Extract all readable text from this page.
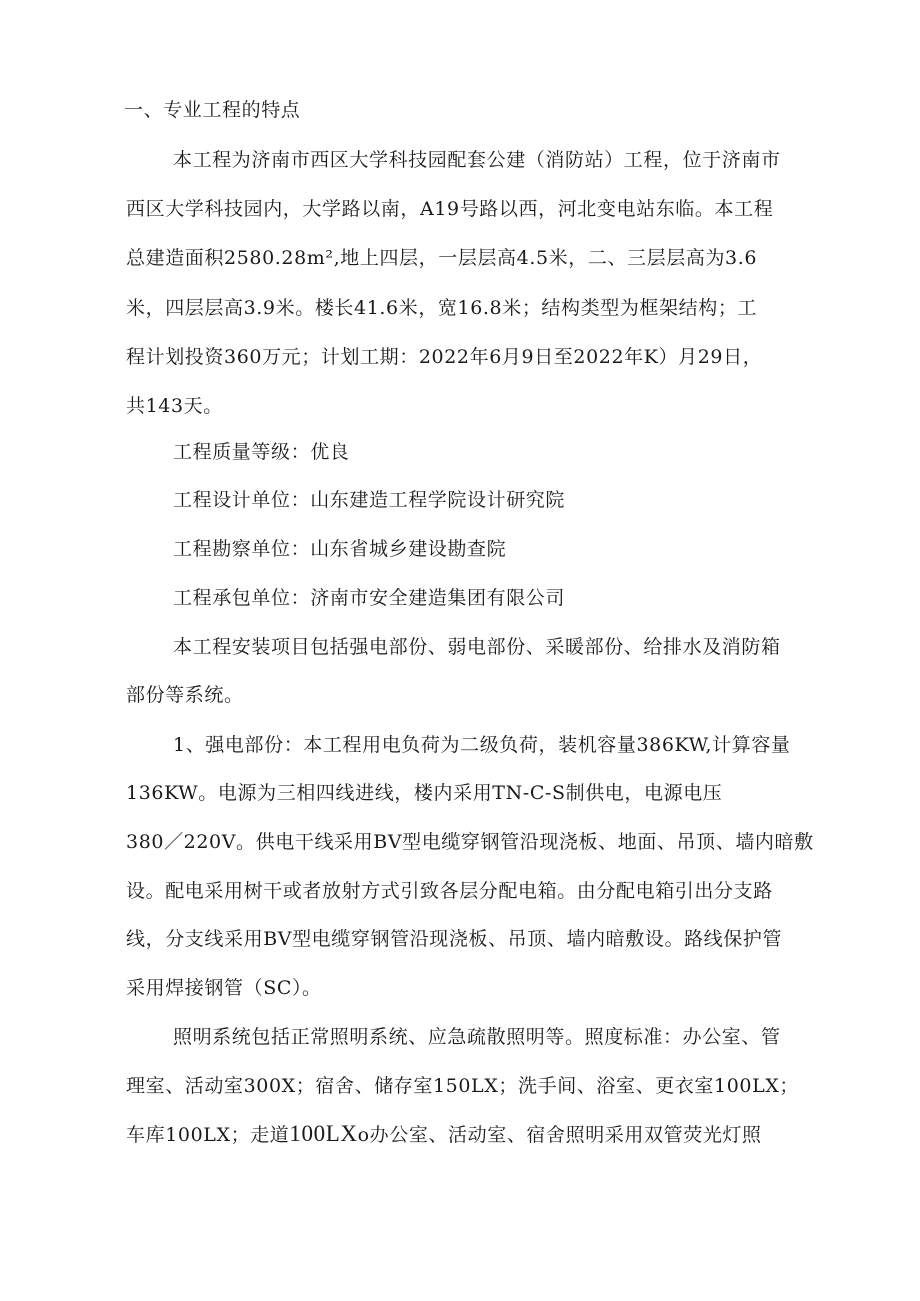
一、专业工程的特点
本工程为济南市西区大学科技园配套公建（消防站）工程，位于济南市
西区大学科技园内，大学路以南，A19号路以西，河北变电站东临。本工程
总建造面积2580.28m²,地上四层，一层层高4.5米，二、三层层高为3.6
米，四层层高3.9米。楼长41.6米，宽16.8米；结构类型为框架结构；工
程计划投资360万元；计划工期：2022年6月9日至2022年K）月29日，
共143天。
工程质量等级：优良
工程设计单位：山东建造工程学院设计研究院
工程勘察单位：山东省城乡建设勘查院
工程承包单位：济南市安全建造集团有限公司
本工程安装项目包括强电部份、弱电部份、采暖部份、给排水及消防箱
部份等系统。
1、强电部份：本工程用电负荷为二级负荷，装机容量386KW,计算容量
136KW。电源为三相四线进线，楼内采用TN-C-S制供电，电源电压
380／220V。供电干线采用BV型电缆穿钢管沿现浇板、地面、吊顶、墙内暗敷
设。配电采用树干或者放射方式引致各层分配电箱。由分配电箱引出分支路
线，分支线采用BV型电缆穿钢管沿现浇板、吊顶、墙内暗敷设。路线保护管
采用焊接钢管（SC）。
照明系统包括正常照明系统、应急疏散照明等。照度标准：办公室、管
理室、活动室300X；宿舍、储存室150LX；洗手间、浴室、更衣室100LX；
车库100LX；走道100LXo办公室、活动室、宿舍照明采用双管荧光灯照
